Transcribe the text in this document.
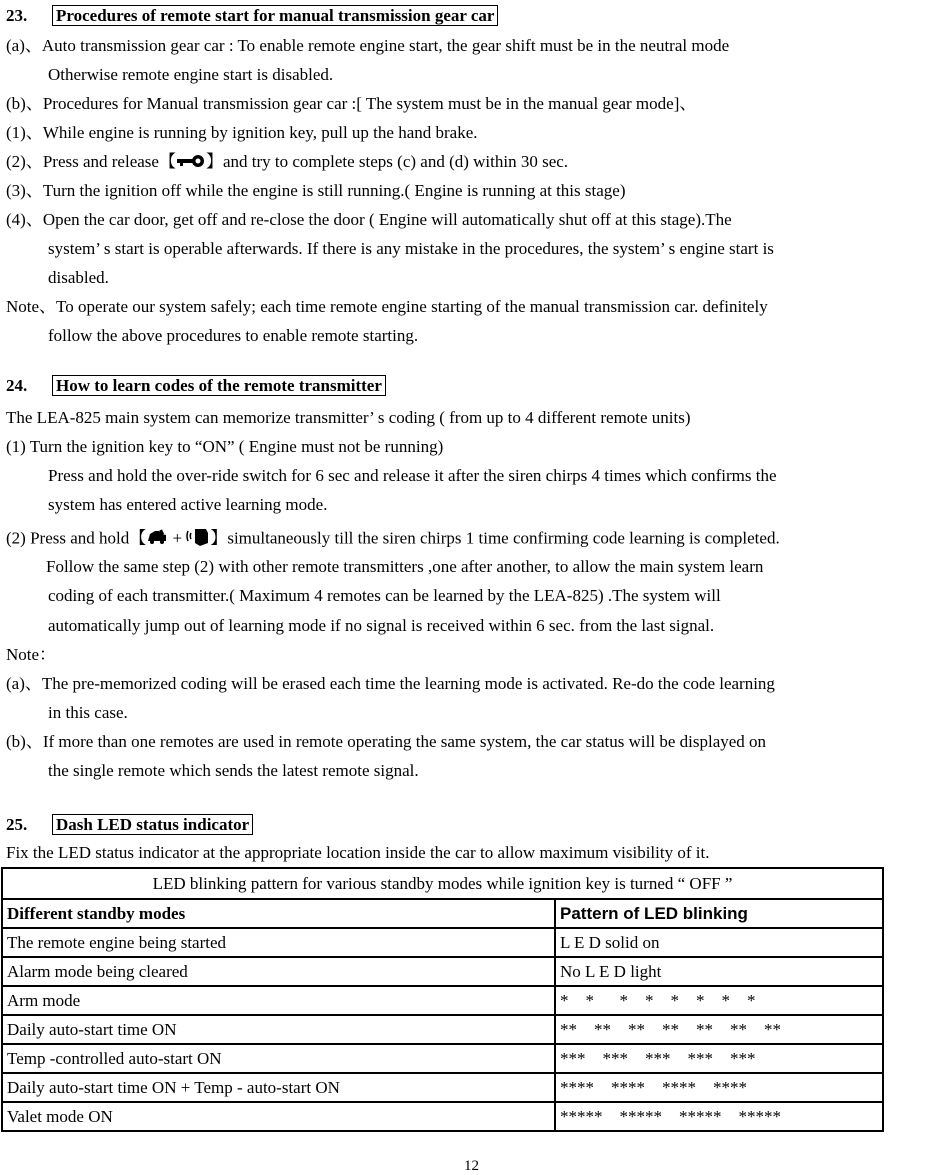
23. Procedures of remote start for manual transmission gear car
(a)、Auto transmission gear car : To enable remote engine start, the gear shift must be in the neutral mode
Otherwise remote engine start is disabled.
(b)、Procedures for Manual transmission gear car :[ The system must be in the manual gear mode]、
(1)、While engine is running by ignition key, pull up the hand brake.
(2)、Press and release【 】and try to complete steps (c) and (d) within 30 sec.
(3)、Turn the ignition off while the engine is still running.( Engine is running at this stage)
(4)、Open the car door, get off and re-close the door ( Engine will automatically shut off at this stage).The
system’ s start is operable afterwards. If there is any mistake in the procedures, the system’ s engine start is
disabled.
Note、To operate our system safely; each time remote engine starting of the manual transmission car. definitely
follow the above procedures to enable remote starting.
24. How to learn codes of the remote transmitter
The LEA-825 main system can memorize transmitter’ s coding ( from up to 4 different remote units)
(1) Turn the ignition key to “ON” ( Engine must not be running)
Press and hold the over-ride switch for 6 sec and release it after the siren chirps 4 times which confirms the
system has entered active learning mode.
(2) Press and hold【 + 】simultaneously till the siren chirps 1 time confirming code learning is completed.
Follow the same step (2) with other remote transmitters ,one after another, to allow the main system learn
coding of each transmitter.( Maximum 4 remotes can be learned by the LEA-825) .The system will
automatically jump out of learning mode if no signal is received within 6 sec. from the last signal.
Note：
(a)、The pre-memorized coding will be erased each time the learning mode is activated. Re-do the code learning
in this case.
(b)、If more than one remotes are used in remote operating the same system, the car status will be displayed on
the single remote which sends the latest remote signal.
25. Dash LED status indicator
Fix the LED status indicator at the appropriate location inside the car to allow maximum visibility of it.
LED blinking pattern for various standby modes while ignition key is turned “ OFF ”	
Different standby modes	Pattern of LED blinking
The remote engine being started	L E D solid on
Alarm mode being cleared	No L E D light
Arm mode	*    *      *    *    *    *    *    *
Daily auto-start time ON	**    **    **    **    **    **    **
Temp -controlled auto-start ON	***    ***    ***    ***    ***
Daily auto-start time ON + Temp - auto-start ON	****    ****    ****    ****
Valet mode ON	*****    *****    *****    *****
12
